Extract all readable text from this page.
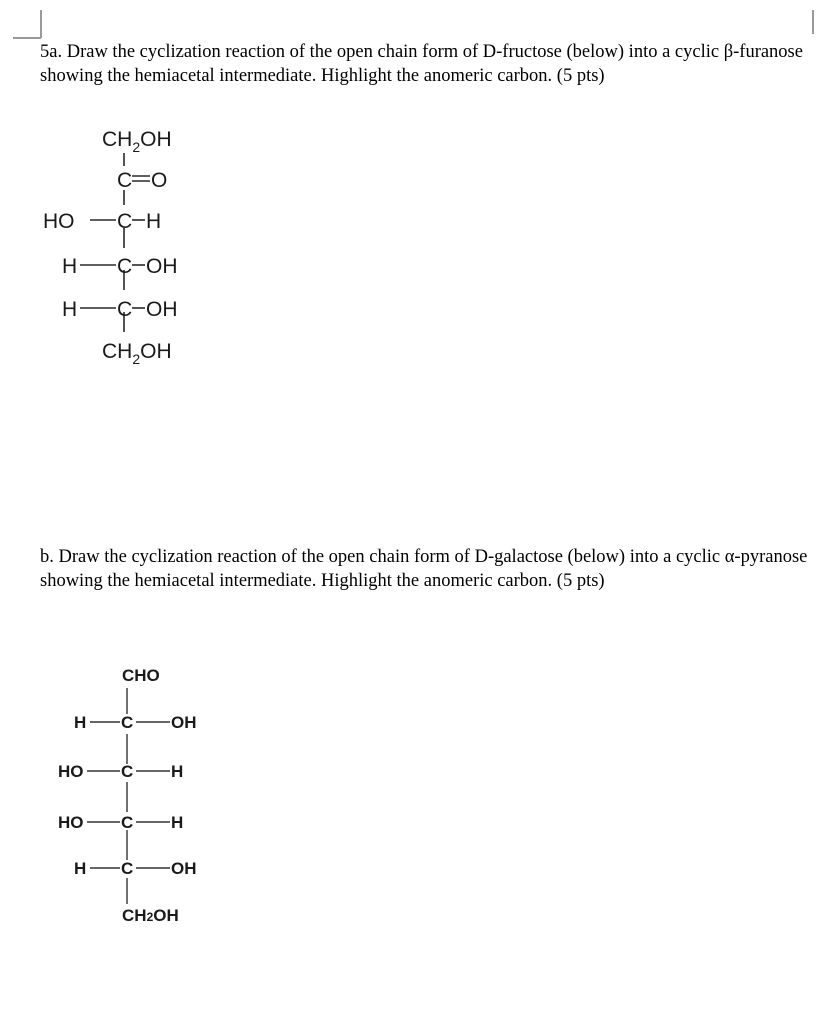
5a. Draw the cyclization reaction of the open chain form of D-fructose (below) into a cyclic β-furanose showing the hemiacetal intermediate. Highlight the anomeric carbon. (5 pts)
$CH_2OH$
C O
HO C H
H C OH
H C OH
$CH_2OH$
b. Draw the cyclization reaction of the open chain form of D-galactose (below) into a cyclic α-pyranose showing the hemiacetal intermediate. Highlight the anomeric carbon. (5 pts)
CHO
H C OH
HO C H
HO C H
H C OH
CH2OH
